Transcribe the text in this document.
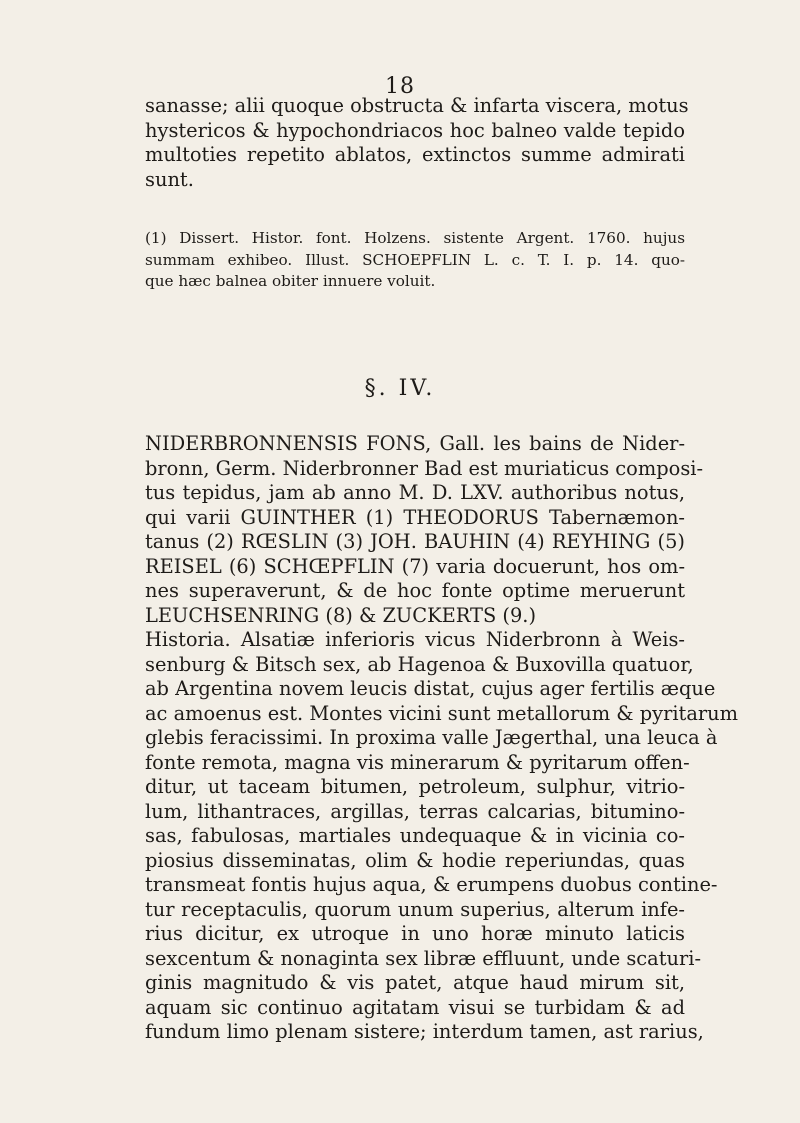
18
sanasse; alii quoque obstructa & infarta viscera, motus
hystericos & hypochondriacos hoc balneo valde tepido
multoties repetito ablatos, extinctos summe admirati
sunt.
(1) Dissert. Histor. font. Holzens. sistente Argent. 1760. hujus
summam exhibeo. Illust. SCHOEPFLIN L. c. T. I. p. 14. quo-
que hæc balnea obiter innuere voluit.
§. IV.
NIDERBRONNENSIS FONS, Gall. les bains de Nider-
bronn, Germ. Niderbronner Bad est muriaticus composi-
tus tepidus, jam ab anno M. D. LXV. authoribus notus,
qui varii GUINTHER (1) THEODORUS Tabernæmon-
tanus (2) RŒSLIN (3) JOH. BAUHIN (4) REYHING (5)
REISEL (6) SCHŒPFLIN (7) varia docuerunt, hos om-
nes superaverunt, & de hoc fonte optime meruerunt
LEUCHSENRING (8) & ZUCKERTS (9.)
Historia. Alsatiæ inferioris vicus Niderbronn à Weis-
senburg & Bitsch sex, ab Hagenoa & Buxovilla quatuor,
ab Argentina novem leucis distat, cujus ager fertilis æque
ac amoenus est. Montes vicini sunt metallorum & pyritarum
glebis feracissimi. In proxima valle Jægerthal, una leuca à
fonte remota, magna vis minerarum & pyritarum offen-
ditur, ut taceam bitumen, petroleum, sulphur, vitrio-
lum, lithantraces, argillas, terras calcarias, bitumino-
sas, fabulosas, martiales undequaque & in vicinia co-
piosius disseminatas, olim & hodie reperiundas, quas
transmeat fontis hujus aqua, & erumpens duobus contine-
tur receptaculis, quorum unum superius, alterum infe-
rius dicitur, ex utroque in uno horæ minuto laticis
sexcentum & nonaginta sex libræ effluunt, unde scaturi-
ginis magnitudo & vis patet, atque haud mirum sit,
aquam sic continuo agitatam visui se turbidam & ad
fundum limo plenam sistere; interdum tamen, ast rarius,
